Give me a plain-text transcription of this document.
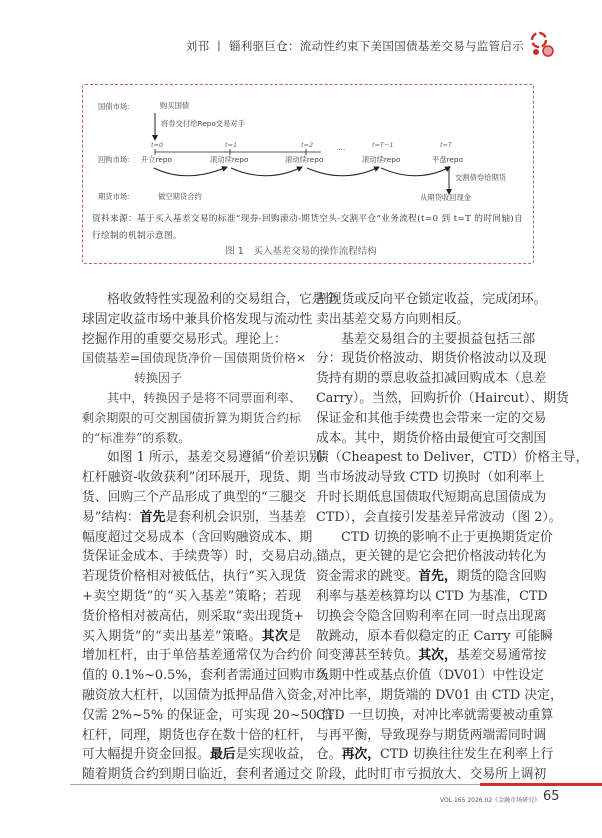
刘邗 丨 锱利驱巨仓：流动性约束下美国国债基差交易与监管启示
国债市场：	购买国债
将券交付给Repo交易对手
t=0	t=1	t=2	…	t=T−1	t=T
回购市场： 开立repo	滚动续repo	滚动续repo	滚动续repo	平盘repo
交割债券给期货
期货市场：	做空期货合约	从期货收回现金
资料来源：基于买入基差交易的标准“现券-回购滚动-期货空头-交割平仓”业务流程(t=0 到 t=T 的时间轴)自行绘制的机制示意图。
图 1　买入基差交易的操作流程结构
格收敛特性实现盈利的交易组合，它是全
球固定收益市场中兼具价格发现与流动性
挖掘作用的重要交易形式。理论上：
国债基差=国债现货净价－国债期货价格×
转换因子
其中，转换因子是将不同票面利率、
剩余期限的可交割国债折算为期货合约标
的“标准券”的系数。
如图 1 所示，基差交易遵循“价差识别-
杠杆融资-收敛获利”闭环展开，现货、期
货、回购三个产品形成了典型的“三腿交
易”结构：首先是套利机会识别，当基差
幅度超过交易成本（含回购融资成本、期
货保证金成本、手续费等）时，交易启动。
若现货价格相对被低估，执行“买入现货
+卖空期货”的“买入基差”策略；若现
货价格相对被高估，则采取“卖出现货+
买入期货”的“卖出基差”策略。其次是
增加杠杆，由于单倍基差通常仅为合约价
值的 0.1%~0.5%，套利者需通过回购市场
融资放大杠杆，以国债为抵押品借入资金，
仅需 2%~5% 的保证金，可实现 20~50 倍
杠杆，同理，期货也存在数十倍的杠杆，
可大幅提升资金回报。最后是实现收益，
随着期货合约到期日临近，套利者通过交
割现货或反向平仓锁定收益，完成闭环。
卖出基差交易方向则相反。
基差交易组合的主要损益包括三部
分：现货价格波动、期货价格波动以及现
货持有期的票息收益扣减回购成本（息差
Carry）。当然，回购折价（Haircut）、期货
保证金和其他手续费也会带来一定的交易
成本。其中，期货价格由最便宜可交割国
债（Cheapest to Deliver，CTD）价格主导，
当市场波动导致 CTD 切换时（如利率上
升时长期低息国债取代短期高息国债成为
CTD），会直接引发基差异常波动（图 2）。
CTD 切换的影响不止于更换期货定价
锚点，更关键的是它会把价格波动转化为
资金需求的跳变。首先，期货的隐含回购
利率与基差核算均以 CTD 为基准，CTD
切换会令隐含回购利率在同一时点出现离
散跳动，原本看似稳定的正 Carry 可能瞬
间变薄甚至转负。其次，基差交易通常按
久期中性或基点价值（DV01）中性设定
对冲比率，期货端的 DV01 由 CTD 决定，
CTD 一旦切换，对冲比率就需要被动重算
与再平衡，导致现券与期货两端需同时调
仓。再次，CTD 切换往往发生在利率上行
阶段，此时盯市亏损放大、交易所上调初
VOL.165 2026.02《金融市场研究》 65
